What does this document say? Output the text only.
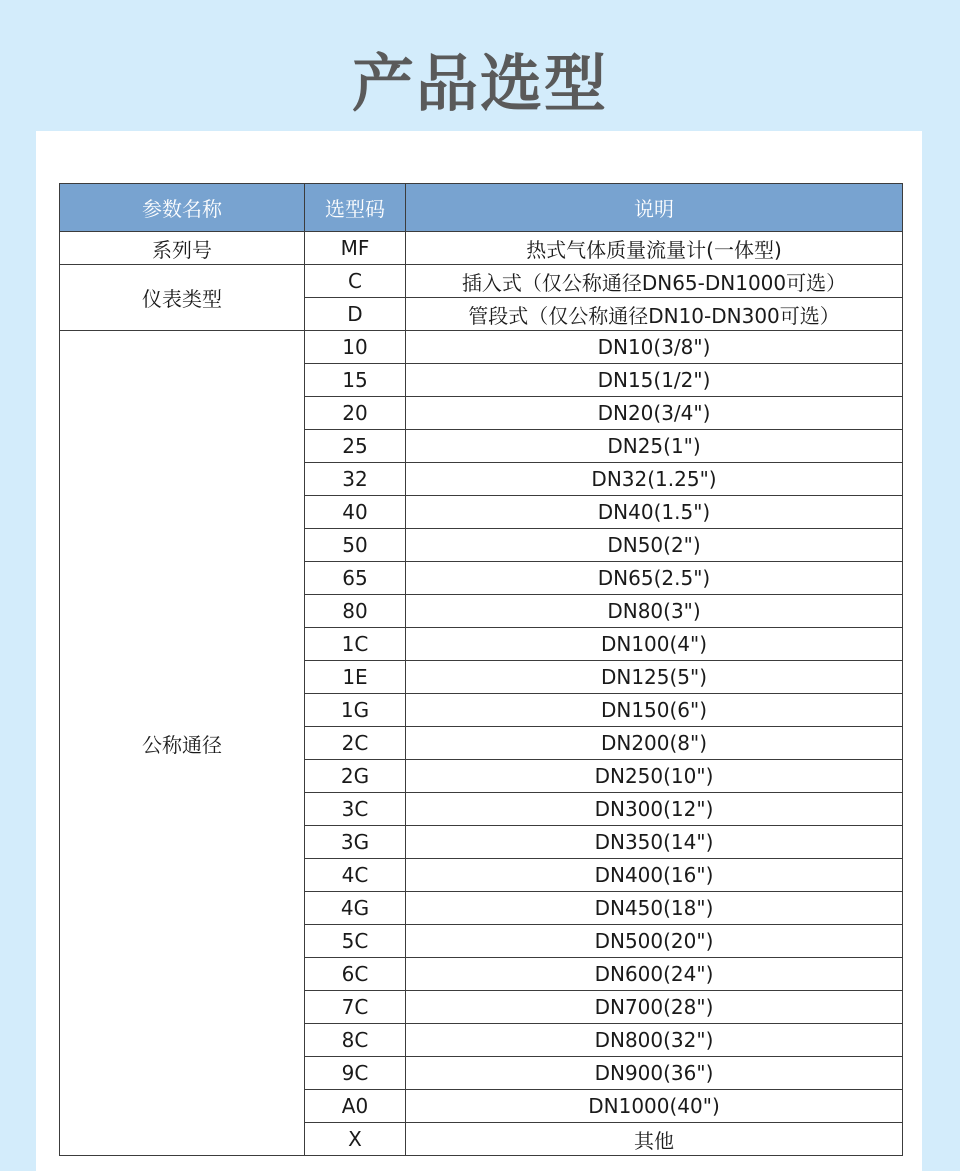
产品选型
参数名称	选型码	说明
系列号	MF	热式气体质量流量计(一体型)
仪表类型	C	插入式（仅公称通径DN65-DN1000可选）
	D	管段式（仅公称通径DN10-DN300可选）
公称通径	10	DN10(3/8")
	15	DN15(1/2")
	20	DN20(3/4")
	25	DN25(1")
	32	DN32(1.25")
	40	DN40(1.5")
	50	DN50(2")
	65	DN65(2.5")
	80	DN80(3")
	1C	DN100(4")
	1E	DN125(5")
	1G	DN150(6")
	2C	DN200(8")
	2G	DN250(10")
	3C	DN300(12")
	3G	DN350(14")
	4C	DN400(16")
	4G	DN450(18")
	5C	DN500(20")
	6C	DN600(24")
	7C	DN700(28")
	8C	DN800(32")
	9C	DN900(36")
	A0	DN1000(40")
	X	其他
